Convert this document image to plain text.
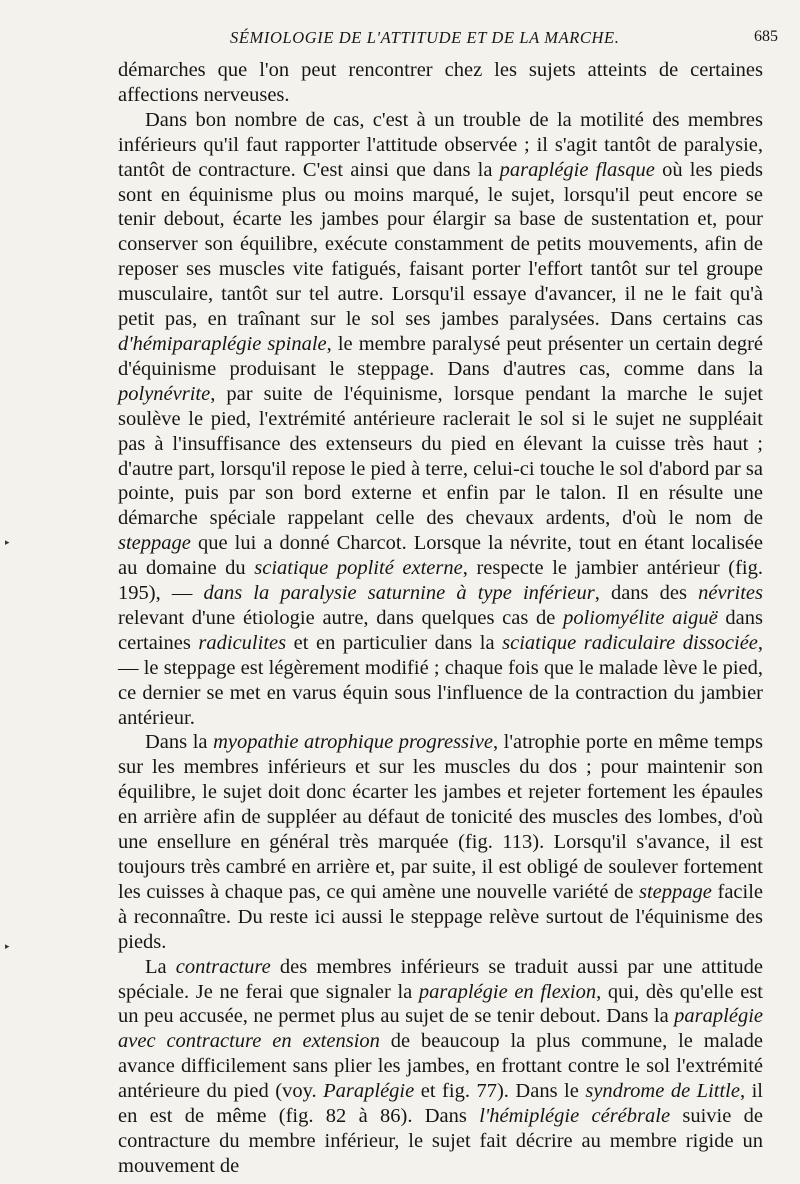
SÉMIOLOGIE DE L'ATTITUDE ET DE LA MARCHE.	685

démarches que l'on peut rencontrer chez les sujets atteints de certaines affections nerveuses.

Dans bon nombre de cas, c'est à un trouble de la motilité des membres inférieurs qu'il faut rapporter l'attitude observée ; il s'agit tantôt de paralysie, tantôt de contracture. C'est ainsi que dans la paraplégie flasque où les pieds sont en équinisme plus ou moins marqué, le sujet, lorsqu'il peut encore se tenir debout, écarte les jambes pour élargir sa base de sustentation et, pour conserver son équilibre, exécute constamment de petits mouvements, afin de reposer ses muscles vite fatigués, faisant porter l'effort tantôt sur tel groupe musculaire, tantôt sur tel autre. Lorsqu'il essaye d'avancer, il ne le fait qu'à petit pas, en traînant sur le sol ses jambes paralysées. Dans certains cas d'hémiparaplégie spinale, le membre paralysé peut présenter un certain degré d'équinisme produisant le steppage. Dans d'autres cas, comme dans la polynévrite, par suite de l'équinisme, lorsque pendant la marche le sujet soulève le pied, l'extrémité antérieure raclerait le sol si le sujet ne suppléait pas à l'insuffisance des extenseurs du pied en élevant la cuisse très haut ; d'autre part, lorsqu'il repose le pied à terre, celui-ci touche le sol d'abord par sa pointe, puis par son bord externe et enfin par le talon. Il en résulte une démarche spéciale rappelant celle des chevaux ardents, d'où le nom de steppage que lui a donné Charcot. Lorsque la névrite, tout en étant localisée au domaine du sciatique poplité externe, respecte le jambier antérieur (fig. 195), — dans la paralysie saturnine à type inférieur, dans des névrites relevant d'une étiologie autre, dans quelques cas de poliomyélite aiguë dans certaines radiculites et en particulier dans la sciatique radiculaire dissociée, — le steppage est légèrement modifié ; chaque fois que le malade lève le pied, ce dernier se met en varus équin sous l'influence de la contraction du jambier antérieur.

Dans la myopathie atrophique progressive, l'atrophie porte en même temps sur les membres inférieurs et sur les muscles du dos ; pour maintenir son équilibre, le sujet doit donc écarter les jambes et rejeter fortement les épaules en arrière afin de suppléer au défaut de tonicité des muscles des lombes, d'où une ensellure en général très marquée (fig. 113). Lorsqu'il s'avance, il est toujours très cambré en arrière et, par suite, il est obligé de soulever fortement les cuisses à chaque pas, ce qui amène une nouvelle variété de steppage facile à reconnaître. Du reste ici aussi le steppage relève surtout de l'équinisme des pieds.

La contracture des membres inférieurs se traduit aussi par une attitude spéciale. Je ne ferai que signaler la paraplégie en flexion, qui, dès qu'elle est un peu accusée, ne permet plus au sujet de se tenir debout. Dans la paraplégie avec contracture en extension de beaucoup la plus commune, le malade avance difficilement sans plier les jambes, en frottant contre le sol l'extrémité antérieure du pied (voy. Paraplégie et fig. 77). Dans le syndrome de Little, il en est de même (fig. 82 à 86). Dans l'hémiplégie cérébrale suivie de contracture du membre inférieur, le sujet fait décrire au membre rigide un mouvement de

▸
▸
